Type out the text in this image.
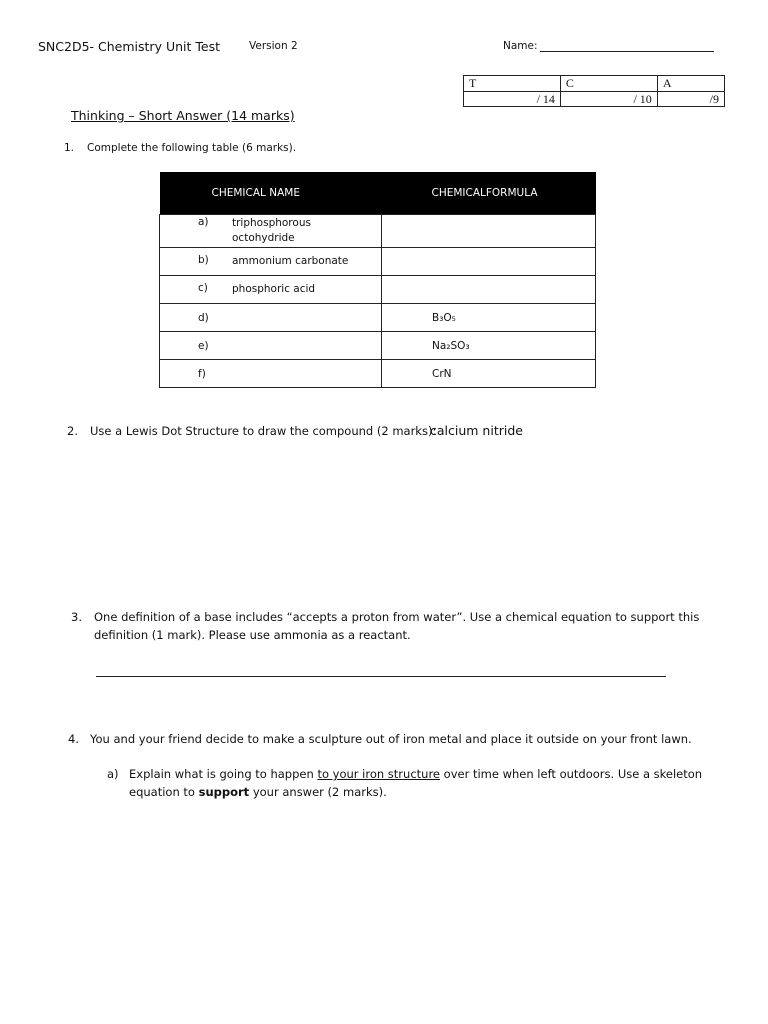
SNC2D5- Chemistry Unit Test	Version 2	Name:
T	C	A
/ 14	/ 10	/9
Thinking – Short Answer (14 marks)
1. Complete the following table (6 marks).
CHEMICAL NAME	CHEMICALFORMULA
a) triphosphorous octohydride	
b) ammonium carbonate	
c) phosphoric acid	
d)	B₃O₅
e)	Na₂SO₃
f)	CrN
2. Use a Lewis Dot Structure to draw the compound (2 marks):
calcium nitride
3. One definition of a base includes “accepts a proton from water”. Use a chemical equation to support this
definition (1 mark). Please use ammonia as a reactant.
4. You and your friend decide to make a sculpture out of iron metal and place it outside on your front lawn.
a) Explain what is going to happen to your iron structure over time when left outdoors. Use a skeleton
equation to support your answer (2 marks).
